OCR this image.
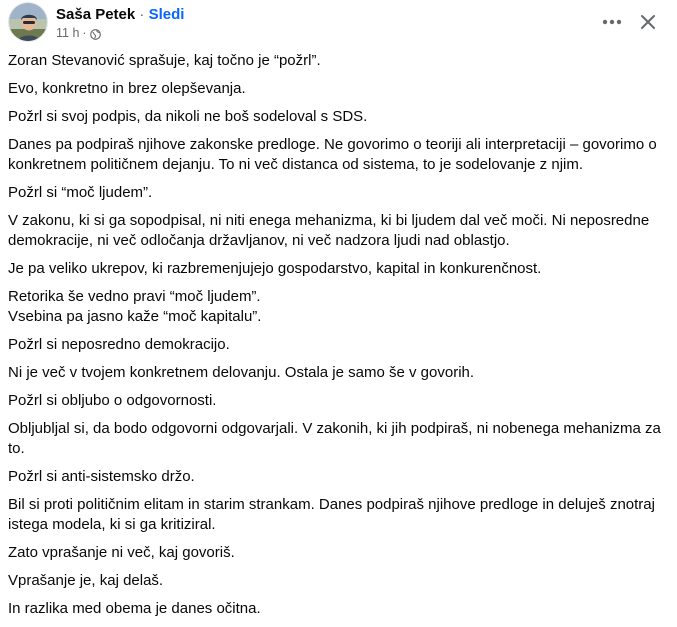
Saša Petek · Sledi
11 h ·

Zoran Stevanović sprašuje, kaj točno je “požrl”.

Evo, konkretno in brez olepševanja.

Požrl si svoj podpis, da nikoli ne boš sodeloval s SDS.

Danes pa podpiraš njihove zakonske predloge. Ne govorimo o teoriji ali interpretaciji – govorimo o konkretnem političnem dejanju. To ni več distanca od sistema, to je sodelovanje z njim.

Požrl si “moč ljudem”.

V zakonu, ki si ga sopodpisal, ni niti enega mehanizma, ki bi ljudem dal več moči. Ni neposredne demokracije, ni več odločanja državljanov, ni več nadzora ljudi nad oblastjo.

Je pa veliko ukrepov, ki razbremenjujejo gospodarstvo, kapital in konkurenčnost.

Retorika še vedno pravi “moč ljudem”.

Vsebina pa jasno kaže “moč kapitalu”.

Požrl si neposredno demokracijo.

Ni je več v tvojem konkretnem delovanju. Ostala je samo še v govorih.

Požrl si obljubo o odgovornosti.

Obljubljal si, da bodo odgovorni odgovarjali. V zakonih, ki jih podpiraš, ni nobenega mehanizma za to.

Požrl si anti-sistemsko držo.

Bil si proti političnim elitam in starim strankam. Danes podpiraš njihove predloge in deluješ znotraj istega modela, ki si ga kritiziral.

Zato vprašanje ni več, kaj govoriš.

Vprašanje je, kaj delaš.

In razlika med obema je danes očitna.
